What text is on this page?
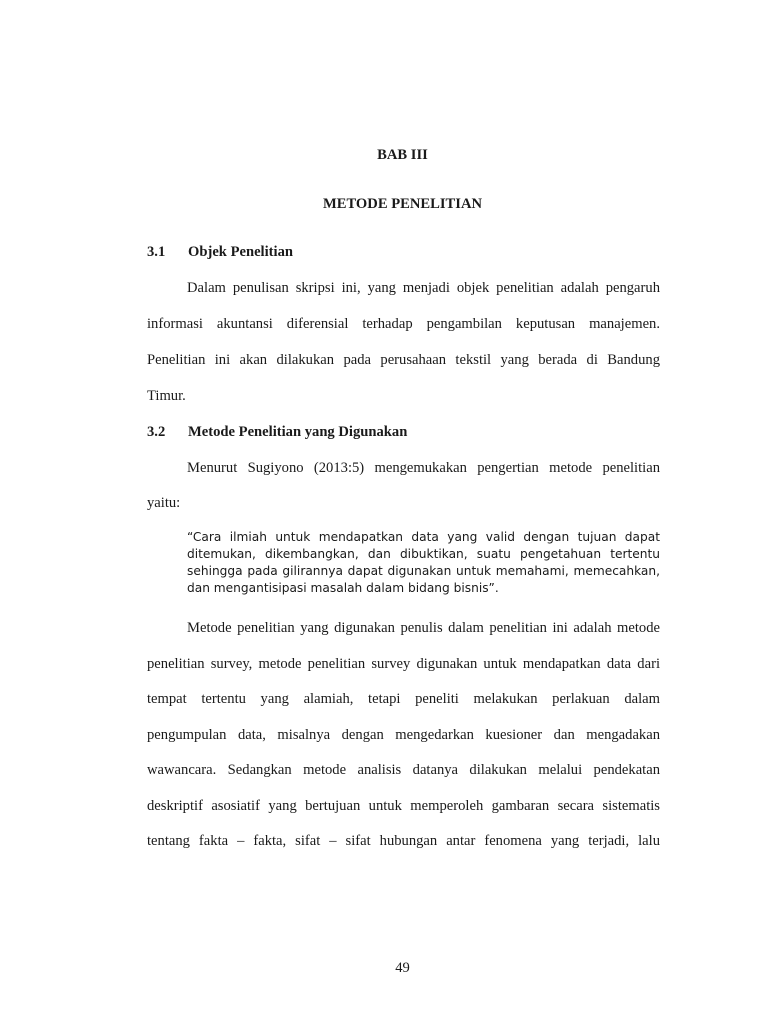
BAB III
METODE PENELITIAN
3.1 Objek Penelitian
Dalam penulisan skripsi ini, yang menjadi objek penelitian adalah pengaruh
informasi akuntansi diferensial terhadap pengambilan keputusan manajemen.
Penelitian ini akan dilakukan pada perusahaan tekstil yang berada di Bandung
Timur.
3.2 Metode Penelitian yang Digunakan
Menurut Sugiyono (2013:5) mengemukakan pengertian metode penelitian
yaitu:
“Cara ilmiah untuk mendapatkan data yang valid dengan tujuan dapat
ditemukan, dikembangkan, dan dibuktikan, suatu pengetahuan tertentu
sehingga pada gilirannya dapat digunakan untuk memahami, memecahkan,
dan mengantisipasi masalah dalam bidang bisnis”.
Metode penelitian yang digunakan penulis dalam penelitian ini adalah metode
penelitian survey, metode penelitian survey digunakan untuk mendapatkan data dari
tempat tertentu yang alamiah, tetapi peneliti melakukan perlakuan dalam
pengumpulan data, misalnya dengan mengedarkan kuesioner dan mengadakan
wawancara. Sedangkan metode analisis datanya dilakukan melalui pendekatan
deskriptif asosiatif yang bertujuan untuk memperoleh gambaran secara sistematis
tentang fakta – fakta, sifat – sifat hubungan antar fenomena yang terjadi, lalu
49
